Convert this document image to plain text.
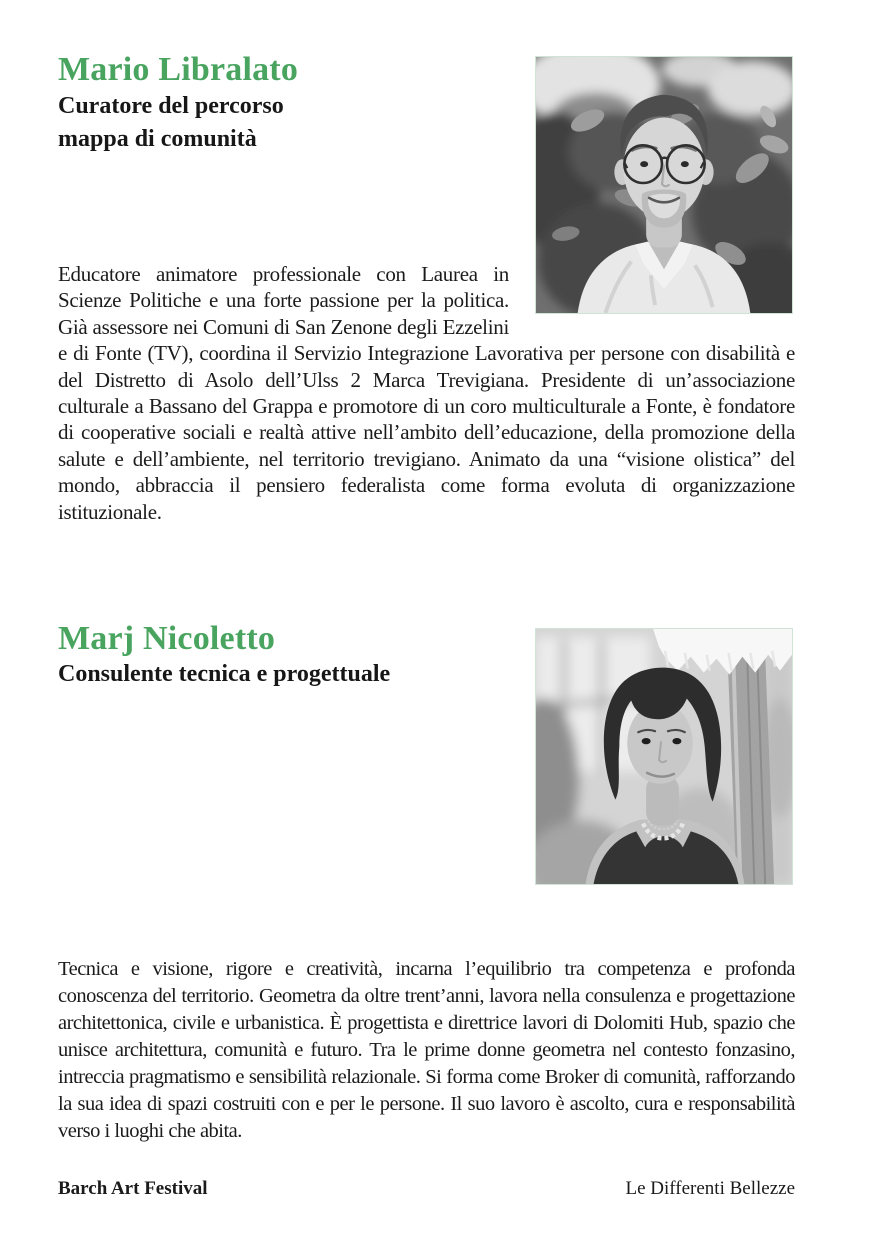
Mario Libralato
Curatore del percorso
mappa di comunità

Educatore animatore professionale con Laurea in Scienze Politiche e una forte passione per la politica. Già assessore nei Comuni di San Zenone degli Ezzelini e di Fonte (TV), coordina il Servizio Integrazione Lavorativa per persone con disabilità e del Distretto di Asolo dell’Ulss 2 Marca Trevigiana. Presidente di un’associazione culturale a Bassano del Grappa e promotore di un coro multiculturale a Fonte, è fondatore di cooperative sociali e realtà attive nell’ambito dell’educazione, della promozione della salute e dell’ambiente, nel territorio trevigiano. Animato da una “visione olistica” del mondo, abbraccia il pensiero federalista come forma evoluta di organizzazione istituzionale.

Marj Nicoletto
Consulente tecnica e progettuale

Tecnica e visione, rigore e creatività, incarna l’equilibrio tra competenza e profonda conoscenza del territorio. Geometra da oltre trent’anni, lavora nella consulenza e progettazione architettonica, civile e urbanistica. È progettista e direttrice lavori di Dolomiti Hub, spazio che unisce architettura, comunità e futuro. Tra le prime donne geometra nel contesto fonzasino, intreccia pragmatismo e sensibilità relazionale. Si forma come Broker di comunità, rafforzando la sua idea di spazi costruiti con e per le persone. Il suo lavoro è ascolto, cura e responsabilità verso i luoghi che abita.

Barch Art Festival	Le Differenti Bellezze
